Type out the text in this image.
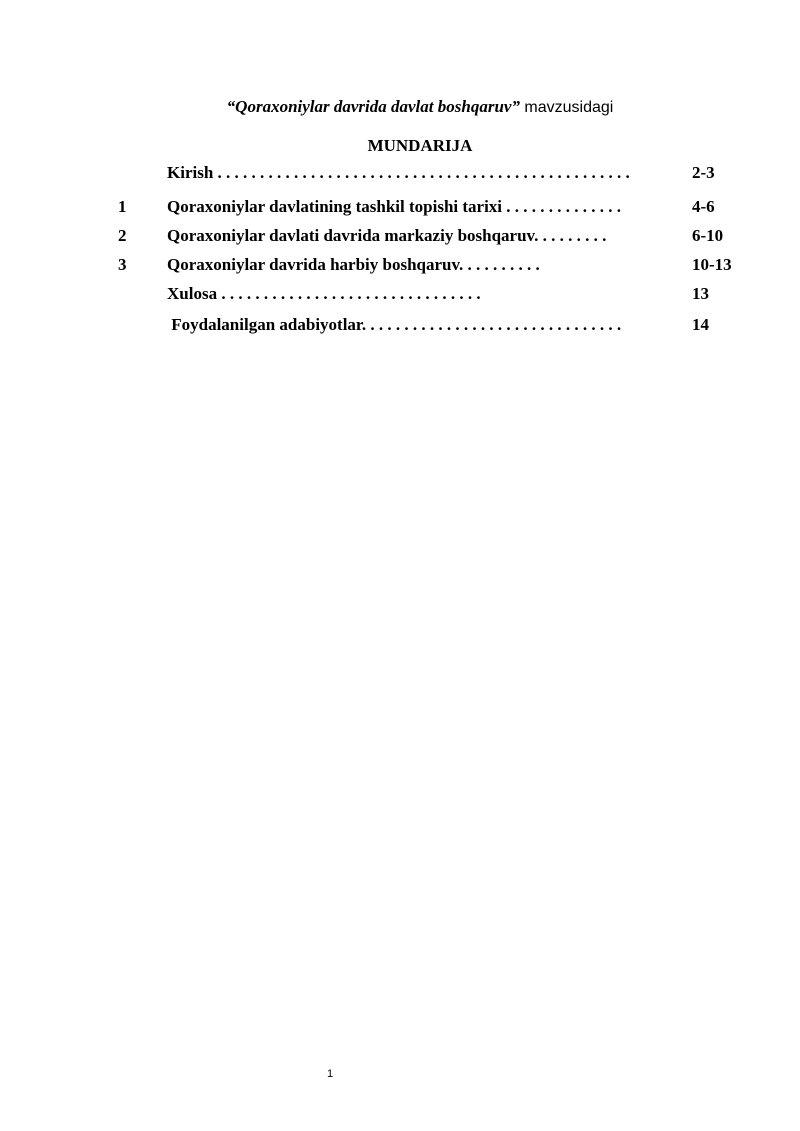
“Qoraxoniylar davrida davlat boshqaruv” mavzusidagi
MUNDARIJA
Kirish . . . . . . . . . . . . . . . . . . . . . . . . . . . . . . . . . . . . . . . . . . . . . . . . .	2-3
1 Qoraxoniylar davlatining tashkil topishi tarixi . . . . . . . . . . . . . .	4-6
2 Qoraxoniylar davlati davrida markaziy boshqaruv. . . . . . . . .	6-10
3 Qoraxoniylar davrida harbiy boshqaruv. . . . . . . . . .	10-13
Xulosa . . . . . . . . . . . . . . . . . . . . . . . . . . . . . . .	13
Foydalanilgan adabiyotlar. . . . . . . . . . . . . . . . . . . . . . . . . . . . . . .	14
1
